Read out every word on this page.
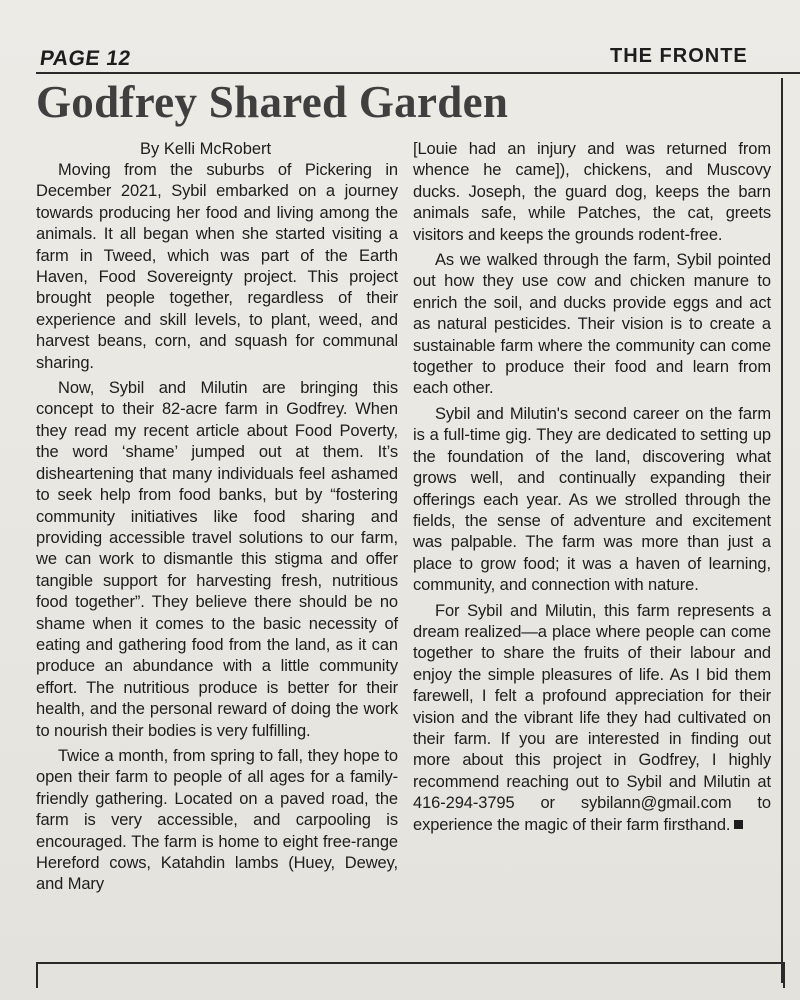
PAGE 12	THE FRONTE
Godfrey Shared Garden
By Kelli McRobert

Moving from the suburbs of Pickering in December 2021, Sybil embarked on a journey towards producing her food and living among the animals. It all began when she started visiting a farm in Tweed, which was part of the Earth Haven, Food Sovereignty project. This project brought people together, regardless of their experience and skill levels, to plant, weed, and harvest beans, corn, and squash for communal sharing.

Now, Sybil and Milutin are bringing this concept to their 82-acre farm in Godfrey. When they read my recent article about Food Poverty, the word ‘shame’ jumped out at them. It’s disheartening that many individuals feel ashamed to seek help from food banks, but by “fostering community initiatives like food sharing and providing accessible travel solutions to our farm, we can work to dismantle this stigma and offer tangible support for harvesting fresh, nutritious food together”. They believe there should be no shame when it comes to the basic necessity of eating and gathering food from the land, as it can produce an abundance with a little community effort. The nutritious produce is better for their health, and the personal reward of doing the work to nourish their bodies is very fulfilling.

Twice a month, from spring to fall, they hope to open their farm to people of all ages for a family-friendly gathering. Located on a paved road, the farm is very accessible, and carpooling is encouraged. The farm is home to eight free-range Hereford cows, Katahdin lambs (Huey, Dewey, and Mary

[Louie had an injury and was returned from whence he came]), chickens, and Muscovy ducks. Joseph, the guard dog, keeps the barn animals safe, while Patches, the cat, greets visitors and keeps the grounds rodent-free.

As we walked through the farm, Sybil pointed out how they use cow and chicken manure to enrich the soil, and ducks provide eggs and act as natural pesticides. Their vision is to create a sustainable farm where the community can come together to produce their food and learn from each other.

Sybil and Milutin's second career on the farm is a full-time gig. They are dedicated to setting up the foundation of the land, discovering what grows well, and continually expanding their offerings each year. As we strolled through the fields, the sense of adventure and excitement was palpable. The farm was more than just a place to grow food; it was a haven of learning, community, and connection with nature.

For Sybil and Milutin, this farm represents a dream realized—a place where people can come together to share the fruits of their labour and enjoy the simple pleasures of life. As I bid them farewell, I felt a profound appreciation for their vision and the vibrant life they had cultivated on their farm. If you are interested in finding out more about this project in Godfrey, I highly recommend reaching out to Sybil and Milutin at 416-294-3795 or sybilann@gmail.com to experience the magic of their farm firsthand.
